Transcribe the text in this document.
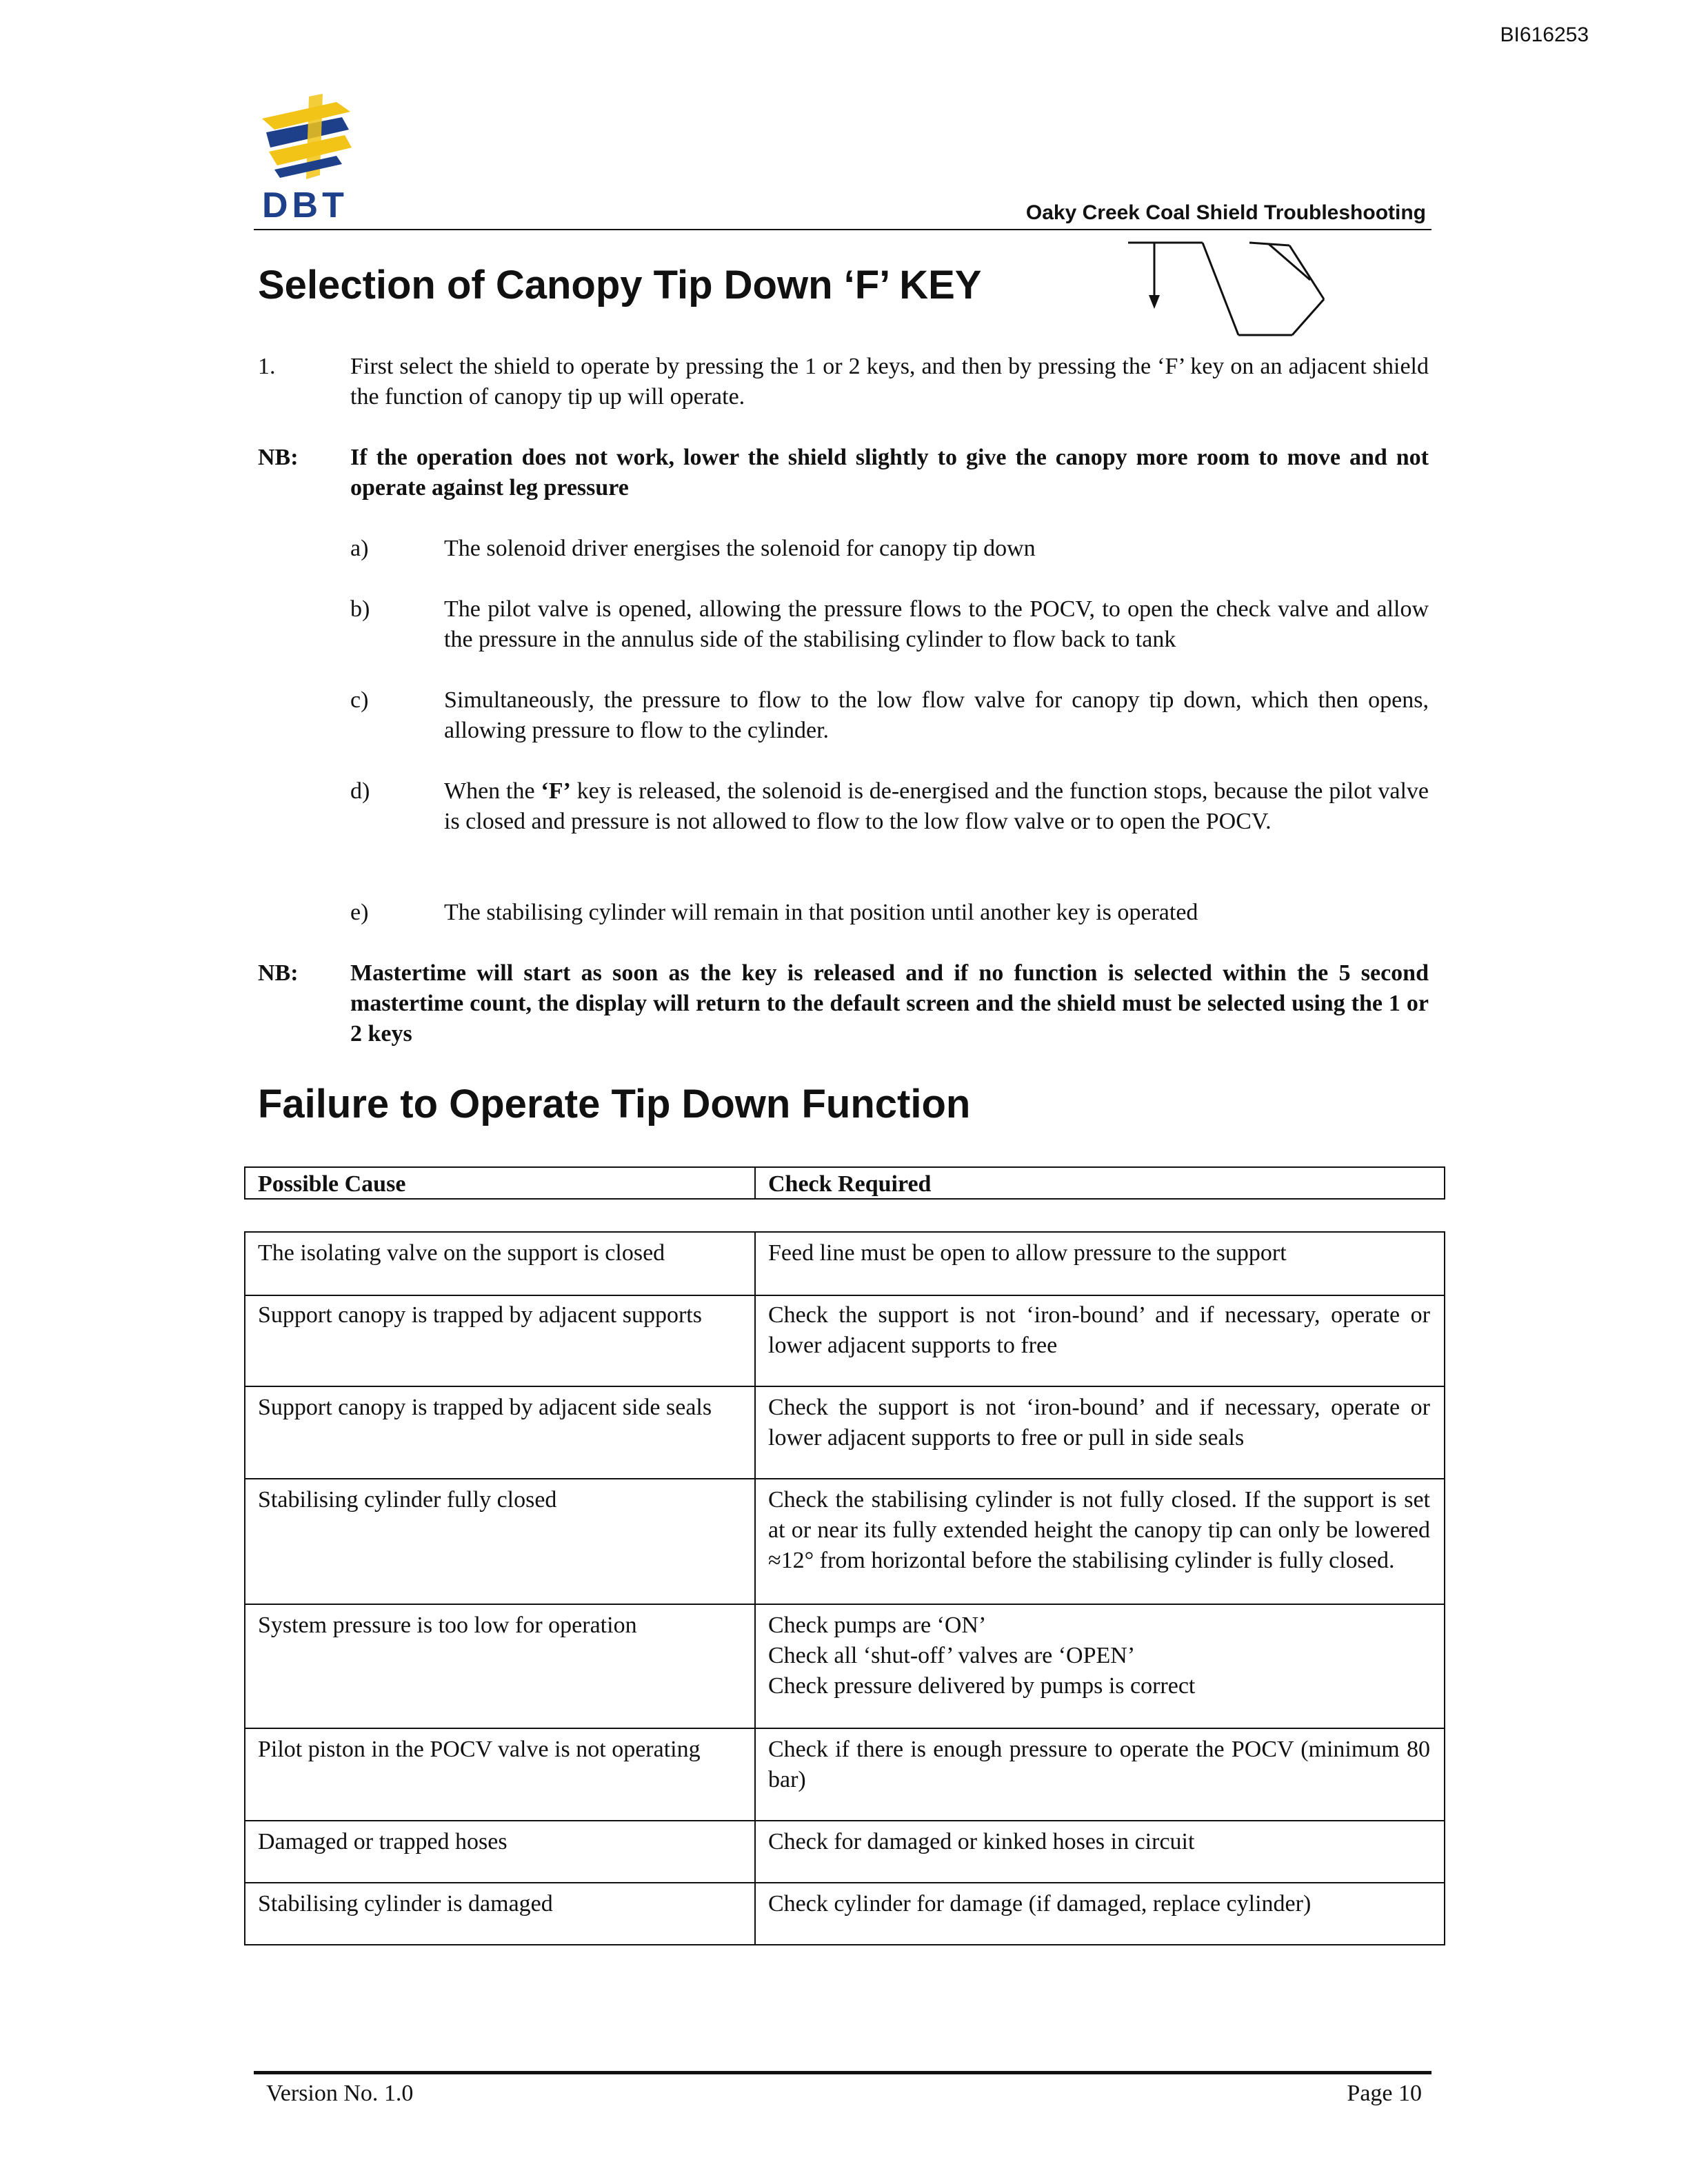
BI616253
DBT	Oaky Creek Coal Shield Troubleshooting
Selection of Canopy Tip Down ‘F’ KEY
1.	First select the shield to operate by pressing the 1 or 2 keys, and then by pressing the ‘F’ key on an adjacent shield the function of canopy tip up will operate.
NB: If the operation does not work, lower the shield slightly to give the canopy more room to move and not operate against leg pressure
a)	The solenoid driver energises the solenoid for canopy tip down
b)	The pilot valve is opened, allowing the pressure flows to the POCV, to open the check valve and allow the pressure in the annulus side of the stabilising cylinder to flow back to tank
c)	Simultaneously, the pressure to flow to the low flow valve for canopy tip down, which then opens, allowing pressure to flow to the cylinder.
d)	When the ‘F’ key is released, the solenoid is de-energised and the function stops, because the pilot valve is closed and pressure is not allowed to flow to the low flow valve or to open the POCV.
e)	The stabilising cylinder will remain in that position until another key is operated
NB: Mastertime will start as soon as the key is released and if no function is selected within the 5 second mastertime count, the display will return to the default screen and the shield must be selected using the 1 or 2 keys
Failure to Operate Tip Down Function
Possible Cause	Check Required
The isolating valve on the support is closed	Feed line must be open to allow pressure to the support
Support canopy is trapped by adjacent supports	Check the support is not ‘iron-bound’ and if necessary, operate or lower adjacent supports to free
Support canopy is trapped by adjacent side seals	Check the support is not ‘iron-bound’ and if necessary, operate or lower adjacent supports to free or pull in side seals
Stabilising cylinder fully closed	Check the stabilising cylinder is not fully closed. If the support is set at or near its fully extended height the canopy tip can only be lowered ≈12° from horizontal before the stabilising cylinder is fully closed.
System pressure is too low for operation	Check pumps are ‘ON’
Check all ‘shut-off’ valves are ‘OPEN’
Check pressure delivered by pumps is correct
Pilot piston in the POCV valve is not operating	Check if there is enough pressure to operate the POCV (minimum 80 bar)
Damaged or trapped hoses	Check for damaged or kinked hoses in circuit
Stabilising cylinder is damaged	Check cylinder for damage (if damaged, replace cylinder)
Version No. 1.0	Page 10
